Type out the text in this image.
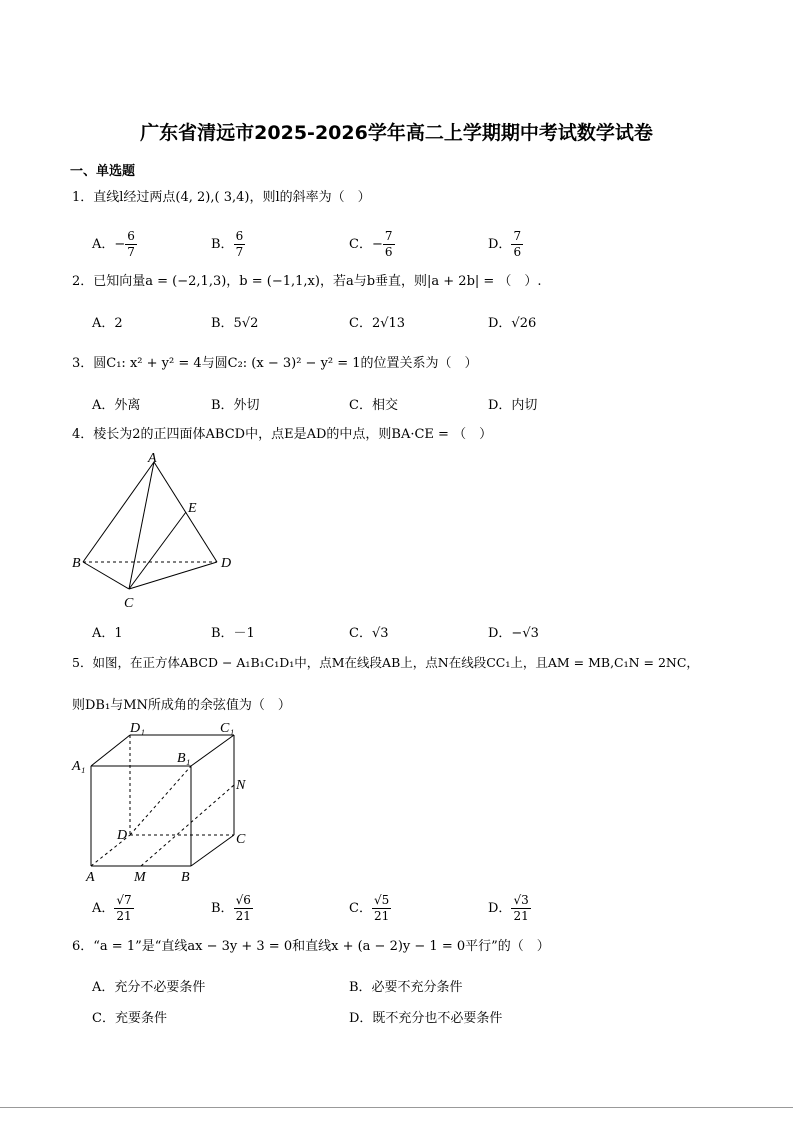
广东省清远市2025-2026学年高二上学期期中考试数学试卷
一、单选题
1．直线l经过两点(4, 2),( 3,4)，则l的斜率为（　）
A．− $\frac{6}{7}$	B． $\frac{6}{7}$	C．− $\frac{7}{6}$	D． $\frac{7}{6}$
2．已知向量a = (−2,1,3)，b = (−1,1,x)，若a与b垂直，则|a + 2b| = （　）.
A．2	B．5√2	C．2√13	D．√26
3．圆C₁: x² + y² = 4与圆C₂: (x − 3)² − y² = 1的位置关系为（　）
A．外离	B．外切	C．相交	D．内切
4．棱长为2的正四面体ABCD中，点E是AD的中点，则BA·CE = （　）
A
E
B	D
C
A．1	B．－1	C．√3	D．−√3
5．如图，在正方体ABCD − A₁B₁C₁D₁中，点M在线段AB上，点N在线段CC₁上，且AM = MB,C₁N = 2NC，
则DB₁与MN所成角的余弦值为（　）
D₁	C₁
A₁
B₁
N
D	C
A	M	B
A． $\frac{√7}{21}$	B． $\frac{√6}{21}$	C． $\frac{√5}{21}$	D． $\frac{√3}{21}$
6．“a = 1”是“直线ax − 3y + 3 = 0和直线x + (a − 2)y − 1 = 0平行”的（　）
A．充分不必要条件	B．必要不充分条件
C．充要条件	D．既不充分也不必要条件
